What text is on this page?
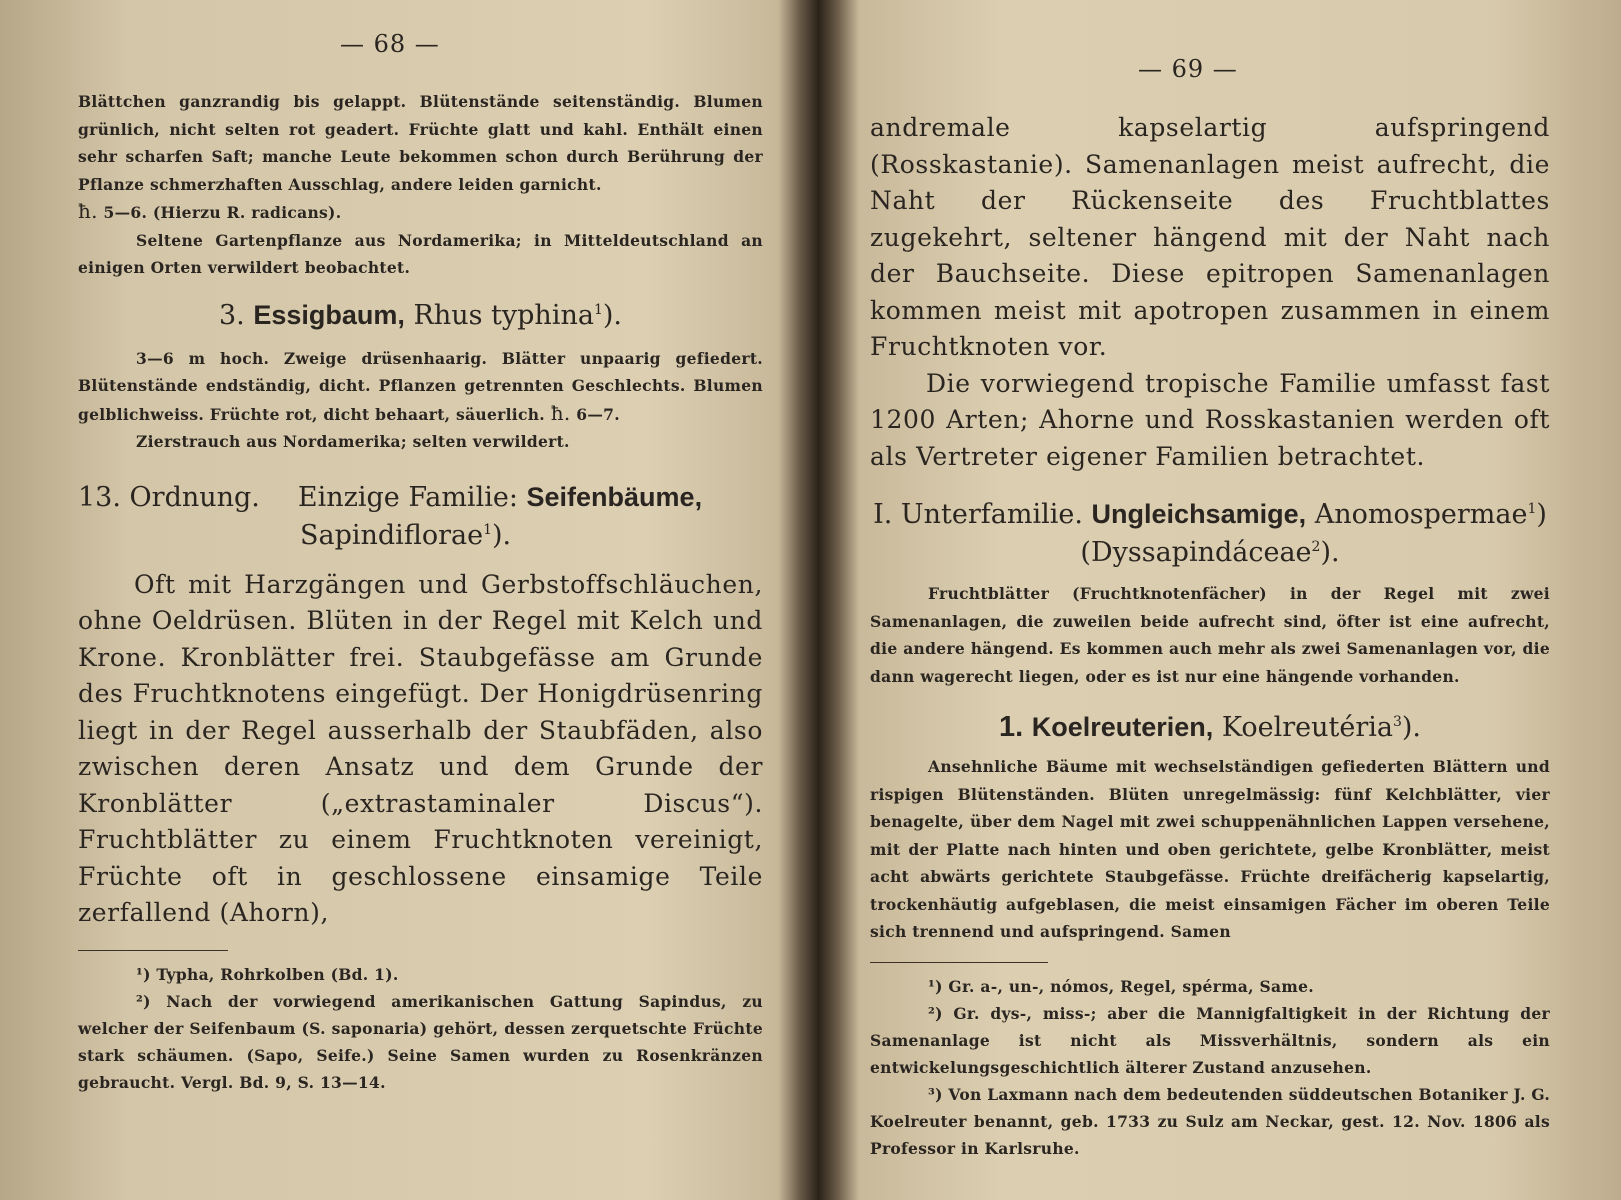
— 68 —

Blättchen ganzrandig bis gelappt. Blütenstände seitenständig. Blumen grünlich, nicht selten rot geadert. Früchte glatt und kahl. Enthält einen sehr scharfen Saft; manche Leute bekommen schon durch Berührung der Pflanze schmerzhaften Ausschlag, andere leiden garnicht.
ħ. 5—6. (Hierzu R. radicans).

Seltene Gartenpflanze aus Nordamerika; in Mitteldeutschland an einigen Orten verwildert beobachtet.

3. Essigbaum, Rhus typhina$^1$).

3—6 m hoch. Zweige drüsenhaarig. Blätter unpaarig gefiedert. Blütenstände endständig, dicht. Pflanzen getrennten Geschlechts. Blumen gelblichweiss. Früchte rot, dicht behaart, säuerlich. ħ. 6—7.

Zierstrauch aus Nordamerika; selten verwildert.

13. Ordnung. Einzige Familie: Seifenbäume,
Sapindiflorae$^1$).

Oft mit Harzgängen und Gerbstoffschläuchen, ohne Oeldrüsen. Blüten in der Regel mit Kelch und Krone. Kronblätter frei. Staubgefässe am Grunde des Fruchtknotens eingefügt. Der Honigdrüsenring liegt in der Regel ausserhalb der Staubfäden, also zwischen deren Ansatz und dem Grunde der Kronblätter („extrastaminaler Discus“). Fruchtblätter zu einem Fruchtknoten vereinigt, Früchte oft in geschlossene einsamige Teile zerfallend (Ahorn),

¹) Typha, Rohrkolben (Bd. 1).

²) Nach der vorwiegend amerikanischen Gattung Sapindus, zu welcher der Seifenbaum (S. saponaria) gehört, dessen zerquetschte Früchte stark schäumen. (Sapo, Seife.) Seine Samen wurden zu Rosenkränzen gebraucht. Vergl. Bd. 9, S. 13—14.

— 69 —

andremale kapselartig aufspringend (Rosskastanie). Samenanlagen meist aufrecht, die Naht der Rückenseite des Fruchtblattes zugekehrt, seltener hängend mit der Naht nach der Bauchseite. Diese epitropen Samenanlagen kommen meist mit apotropen zusammen in einem Fruchtknoten vor.

Die vorwiegend tropische Familie umfasst fast 1200 Arten; Ahorne und Rosskastanien werden oft als Vertreter eigener Familien betrachtet.

I. Unterfamilie. Ungleichsamige, Anomospermae$^1$)
(Dyssapindáceae$^2$).

Fruchtblätter (Fruchtknotenfächer) in der Regel mit zwei Samenanlagen, die zuweilen beide aufrecht sind, öfter ist eine aufrecht, die andere hängend. Es kommen auch mehr als zwei Samenanlagen vor, die dann wagerecht liegen, oder es ist nur eine hängende vorhanden.

1. Koelreuterien, Koelreutéria$^3$).

Ansehnliche Bäume mit wechselständigen gefiederten Blättern und rispigen Blütenständen. Blüten unregelmässig: fünf Kelchblätter, vier benagelte, über dem Nagel mit zwei schuppenähnlichen Lappen versehene, mit der Platte nach hinten und oben gerichtete, gelbe Kronblätter, meist acht abwärts gerichtete Staubgefässe. Früchte dreifächerig kapselartig, trockenhäutig aufgeblasen, die meist einsamigen Fächer im oberen Teile sich trennend und aufspringend. Samen

¹) Gr. a-, un-, nómos, Regel, spérma, Same.

²) Gr. dys-, miss-; aber die Mannigfaltigkeit in der Richtung der Samenanlage ist nicht als Missverhältnis, sondern als ein entwickelungsgeschichtlich älterer Zustand anzusehen.

³) Von Laxmann nach dem bedeutenden süddeutschen Botaniker J. G. Koelreuter benannt, geb. 1733 zu Sulz am Neckar, gest. 12. Nov. 1806 als Professor in Karlsruhe.
